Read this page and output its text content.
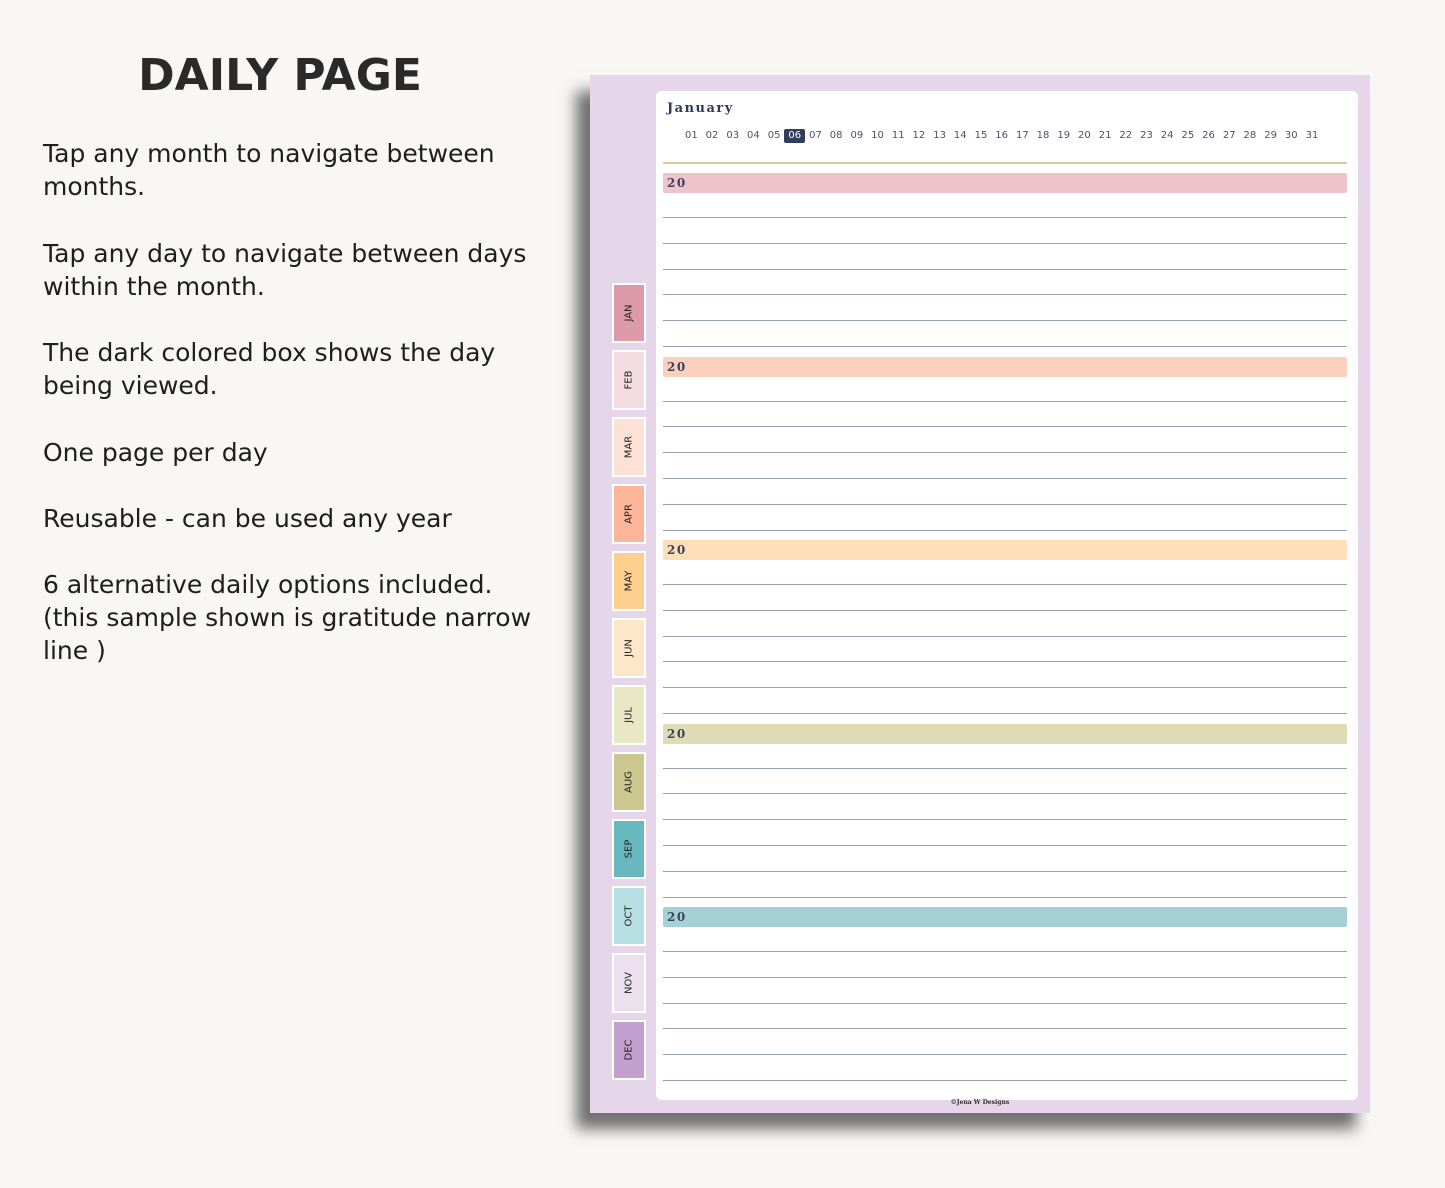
DAILY PAGE
Tap any month to navigate between months.
Tap any day to navigate between days within the month.
The dark colored box shows the day being viewed.
One page per day
Reusable - can be used any year
6 alternative daily options included. (this sample shown is gratitude narrow line )
JAN
FEB
MAR
APR
MAY
JUN
JUL
AUG
SEP
OCT
NOV
DEC
January
01 02 03 04 05 06 07 08 09 10 11 12 13 14 15 16 17 18 19 20 21 22 23 24 25 26 27 28 29 30 31
20
20
20
20
20
©Jena W Designs
